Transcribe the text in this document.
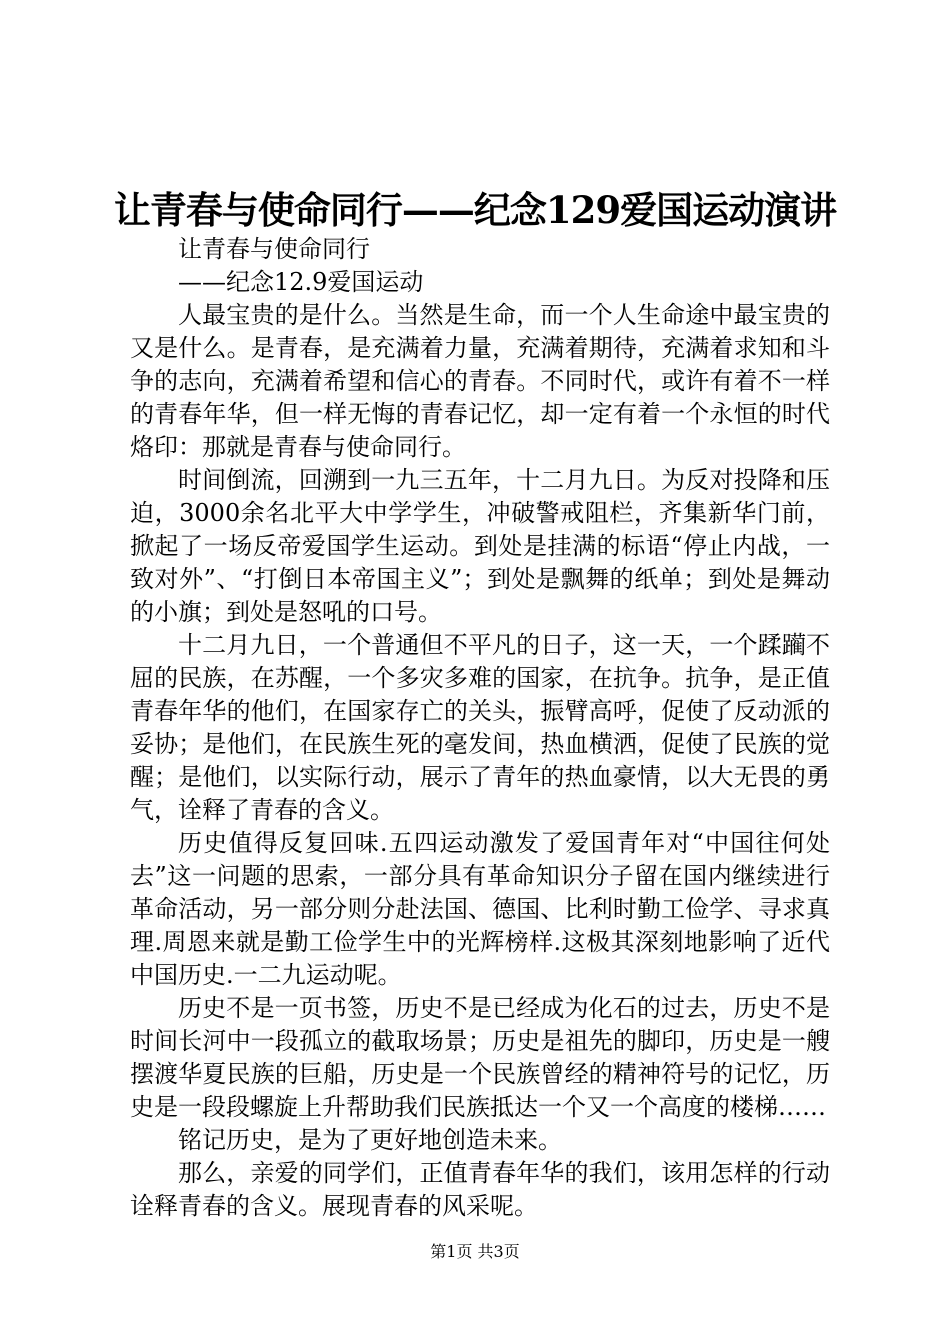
让青春与使命同行——纪念129爱国运动演讲

让青春与使命同行

——纪念12.9爱国运动

人最宝贵的是什么。当然是生命，而一个人生命途中最宝贵的又是什么。是青春，是充满着力量，充满着期待，充满着求知和斗争的志向，充满着希望和信心的青春。不同时代，或许有着不一样的青春年华，但一样无悔的青春记忆，却一定有着一个永恒的时代烙印：那就是青春与使命同行。

时间倒流，回溯到一九三五年，十二月九日。为反对投降和压迫，3000余名北平大中学学生，冲破警戒阻栏，齐集新华门前，掀起了一场反帝爱国学生运动。到处是挂满的标语“停止内战，一致对外”、“打倒日本帝国主义”；到处是飘舞的纸单；到处是舞动的小旗；到处是怒吼的口号。

十二月九日，一个普通但不平凡的日子，这一天，一个蹂躏不屈的民族，在苏醒，一个多灾多难的国家，在抗争。抗争，是正值青春年华的他们，在国家存亡的关头，振臂高呼，促使了反动派的妥协；是他们，在民族生死的毫发间，热血横洒，促使了民族的觉醒；是他们，以实际行动，展示了青年的热血豪情，以大无畏的勇气，诠释了青春的含义。

历史值得反复回味.五四运动激发了爱国青年对“中国往何处去”这一问题的思索，一部分具有革命知识分子留在国内继续进行革命活动，另一部分则分赴法国、德国、比利时勤工俭学、寻求真理.周恩来就是勤工俭学生中的光辉榜样.这极其深刻地影响了近代中国历史.一二九运动呢。

历史不是一页书签，历史不是已经成为化石的过去，历史不是时间长河中一段孤立的截取场景；历史是祖先的脚印，历史是一艘摆渡华夏民族的巨船，历史是一个民族曾经的精神符号的记忆，历史是一段段螺旋上升帮助我们民族抵达一个又一个高度的楼梯……

铭记历史，是为了更好地创造未来。

那么，亲爱的同学们，正值青春年华的我们，该用怎样的行动诠释青春的含义。展现青春的风采呢。

第1页 共3页
